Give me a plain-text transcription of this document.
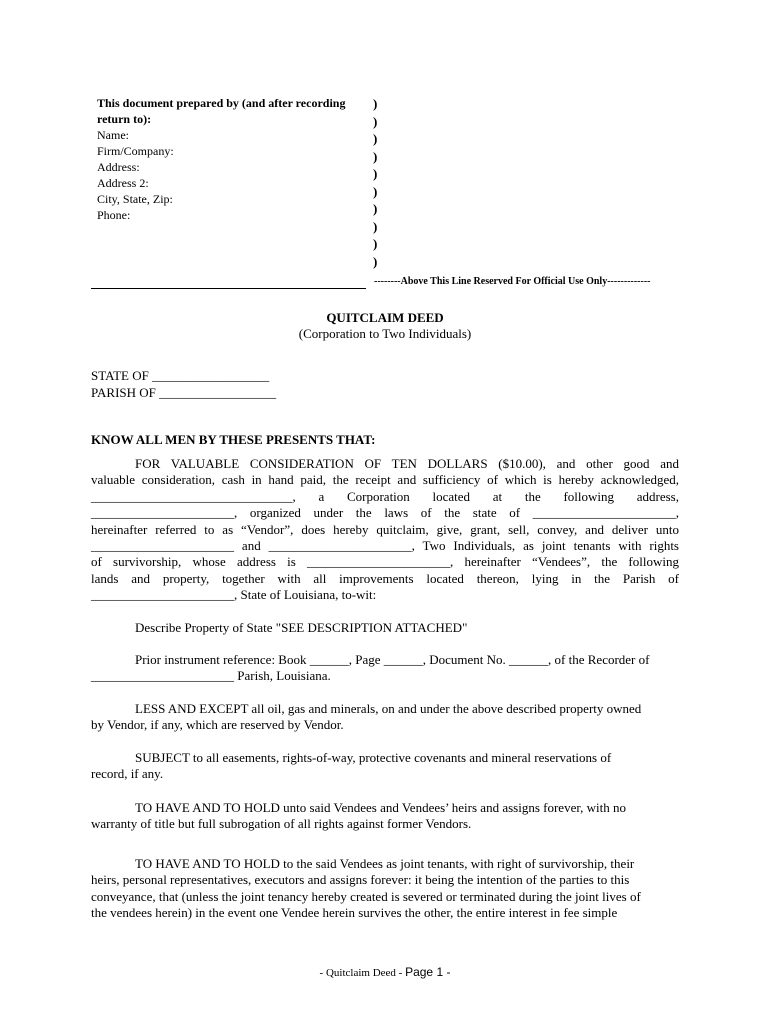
This document prepared by (and after recording
return to):
Name:
Firm/Company:
Address:
Address 2:
City, State, Zip:
Phone:
)
)
)
)
)
)
)
)
)
)
--------Above This Line Reserved For Official Use Only-------------
QUITCLAIM DEED
(Corporation to Two Individuals)
STATE OF __________________
PARISH OF __________________
KNOW ALL MEN BY THESE PRESENTS THAT:
FOR VALUABLE CONSIDERATION OF TEN DOLLARS ($10.00), and other good and
valuable consideration, cash in hand paid, the receipt and sufficiency of which is hereby acknowledged,
_______________________________, a Corporation located at the following address,
______________________, organized under the laws of the state of ______________________,
hereinafter referred to as “Vendor”, does hereby quitclaim, give, grant, sell, convey, and deliver unto
______________________ and ______________________, Two Individuals, as joint tenants with rights
of survivorship, whose address is ______________________, hereinafter “Vendees”, the following
lands and property, together with all improvements located thereon, lying in the Parish of
______________________, State of Louisiana, to-wit:
Describe Property of State "SEE DESCRIPTION ATTACHED"
Prior instrument reference: Book ______, Page ______, Document No. ______, of the Recorder of
______________________ Parish, Louisiana.
LESS AND EXCEPT all oil, gas and minerals, on and under the above described property owned
by Vendor, if any, which are reserved by Vendor.
SUBJECT to all easements, rights-of-way, protective covenants and mineral reservations of
record, if any.
TO HAVE AND TO HOLD unto said Vendees and Vendees’ heirs and assigns forever, with no
warranty of title but full subrogation of all rights against former Vendors.
TO HAVE AND TO HOLD to the said Vendees as joint tenants, with right of survivorship, their
heirs, personal representatives, executors and assigns forever: it being the intention of the parties to this
conveyance, that (unless the joint tenancy hereby created is severed or terminated during the joint lives of
the vendees herein) in the event one Vendee herein survives the other, the entire interest in fee simple
- Quitclaim Deed - Page 1 -
